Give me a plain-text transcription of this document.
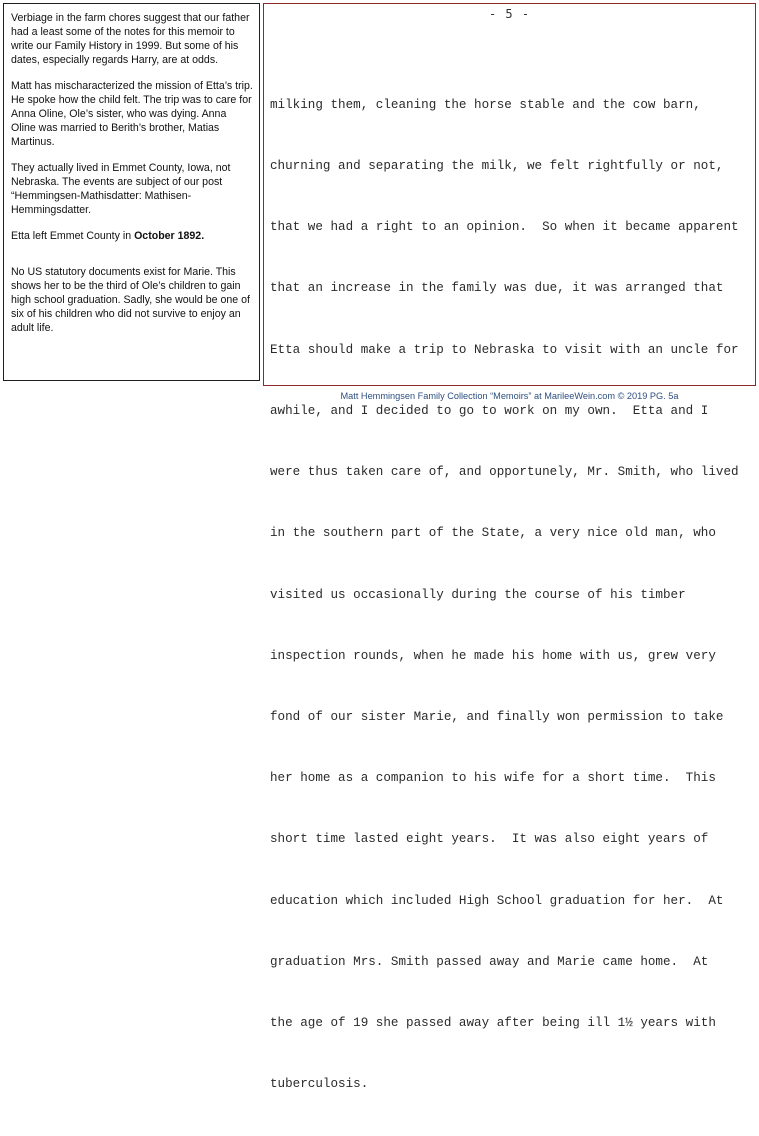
Verbiage in the farm chores suggest that our father had a least some of the notes for this memoir to write our Family History in 1999. But some of his dates, especially regards Harry, are at odds.

Matt has mischaracterized the mission of Etta’s trip. He spoke how the child felt. The trip was to care for Anna Oline, Ole’s sister, who was dying. Anna Oline was married to Berith’s brother, Matias Martinus.

They actually lived in Emmet County, Iowa, not Nebraska. The events are subject of our post “Hemmingsen-Mathisdatter: Mathisen-Hemmingsdatter.

Etta left Emmet County in October 1892.

No US statutory documents exist for Marie. This shows her to be the third of Ole’s children to gain high school graduation. Sadly, she would be one of six of his children who did not survive to enjoy an adult life.

- 5 -

milking them, cleaning the horse stable and the cow barn,

churning and separating the milk, we felt rightfully or not,

that we had a right to an opinion.  So when it became apparent

that an increase in the family was due, it was arranged that

Etta should make a trip to Nebraska to visit with an uncle for

awhile, and I decided to go to work on my own.  Etta and I

were thus taken care of, and opportunely, Mr. Smith, who lived

in the southern part of the State, a very nice old man, who

visited us occasionally during the course of his timber

inspection rounds, when he made his home with us, grew very

fond of our sister Marie, and finally won permission to take

her home as a companion to his wife for a short time.  This

short time lasted eight years.  It was also eight years of

education which included High School graduation for her.  At

graduation Mrs. Smith passed away and Marie came home.  At

the age of 19 she passed away after being ill 1½ years with

tuberculosis.

Matt Hemmingsen Family Collection “Memoirs” at MarileeWein.com © 2019 PG. 5a
